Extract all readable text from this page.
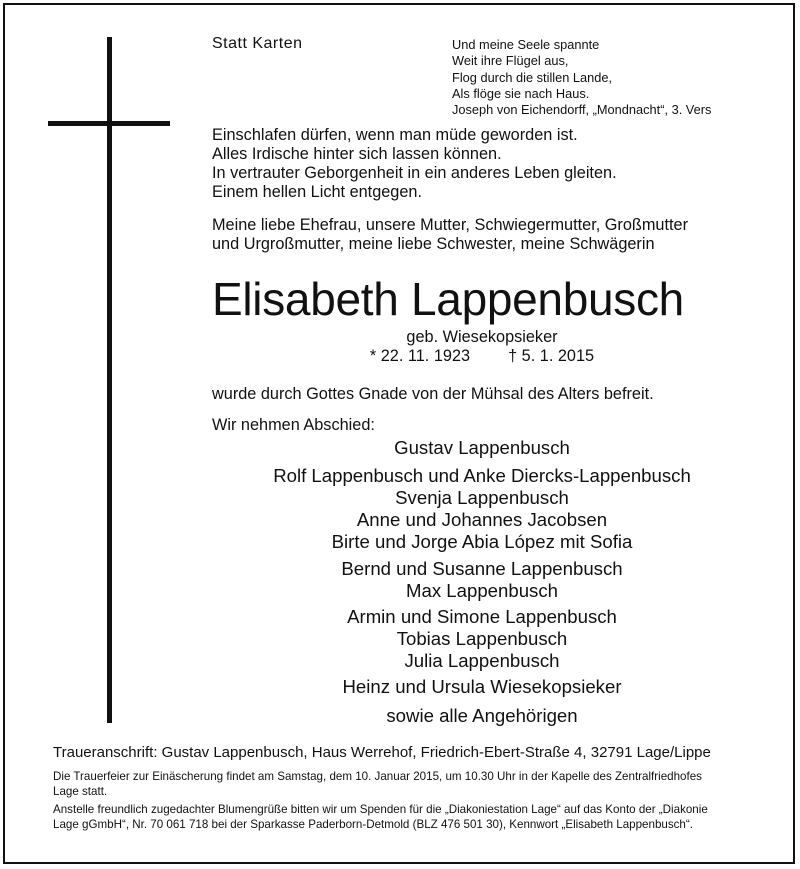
Statt Karten	Und meine Seele spannte
Weit ihre Flügel aus,
Flog durch die stillen Lande,
Als flöge sie nach Haus.
Joseph von Eichendorff, „Mondnacht“, 3. Vers
Einschlafen dürfen, wenn man müde geworden ist.
Alles Irdische hinter sich lassen können.
In vertrauter Geborgenheit in ein anderes Leben gleiten.
Einem hellen Licht entgegen.
Meine liebe Ehefrau, unsere Mutter, Schwiegermutter, Großmutter
und Urgroßmutter, meine liebe Schwester, meine Schwägerin
Elisabeth Lappenbusch
geb. Wiesekopsieker
* 22. 11. 1923 † 5. 1. 2015
wurde durch Gottes Gnade von der Mühsal des Alters befreit.
Wir nehmen Abschied:
Gustav Lappenbusch
Rolf Lappenbusch und Anke Diercks-Lappenbusch
Svenja Lappenbusch
Anne und Johannes Jacobsen
Birte und Jorge Abia López mit Sofia
Bernd und Susanne Lappenbusch
Max Lappenbusch
Armin und Simone Lappenbusch
Tobias Lappenbusch
Julia Lappenbusch
Heinz und Ursula Wiesekopsieker
sowie alle Angehörigen
Traueranschrift: Gustav Lappenbusch, Haus Werrehof, Friedrich-Ebert-Straße 4, 32791 Lage/Lippe
Die Trauerfeier zur Einäscherung findet am Samstag, dem 10. Januar 2015, um 10.30 Uhr in der Kapelle des Zentralfriedhofes
Lage statt.
Anstelle freundlich zugedachter Blumengrüße bitten wir um Spenden für die „Diakoniestation Lage“ auf das Konto der „Diakonie
Lage gGmbH“, Nr. 70 061 718 bei der Sparkasse Paderborn-Detmold (BLZ 476 501 30), Kennwort „Elisabeth Lappenbusch“.
